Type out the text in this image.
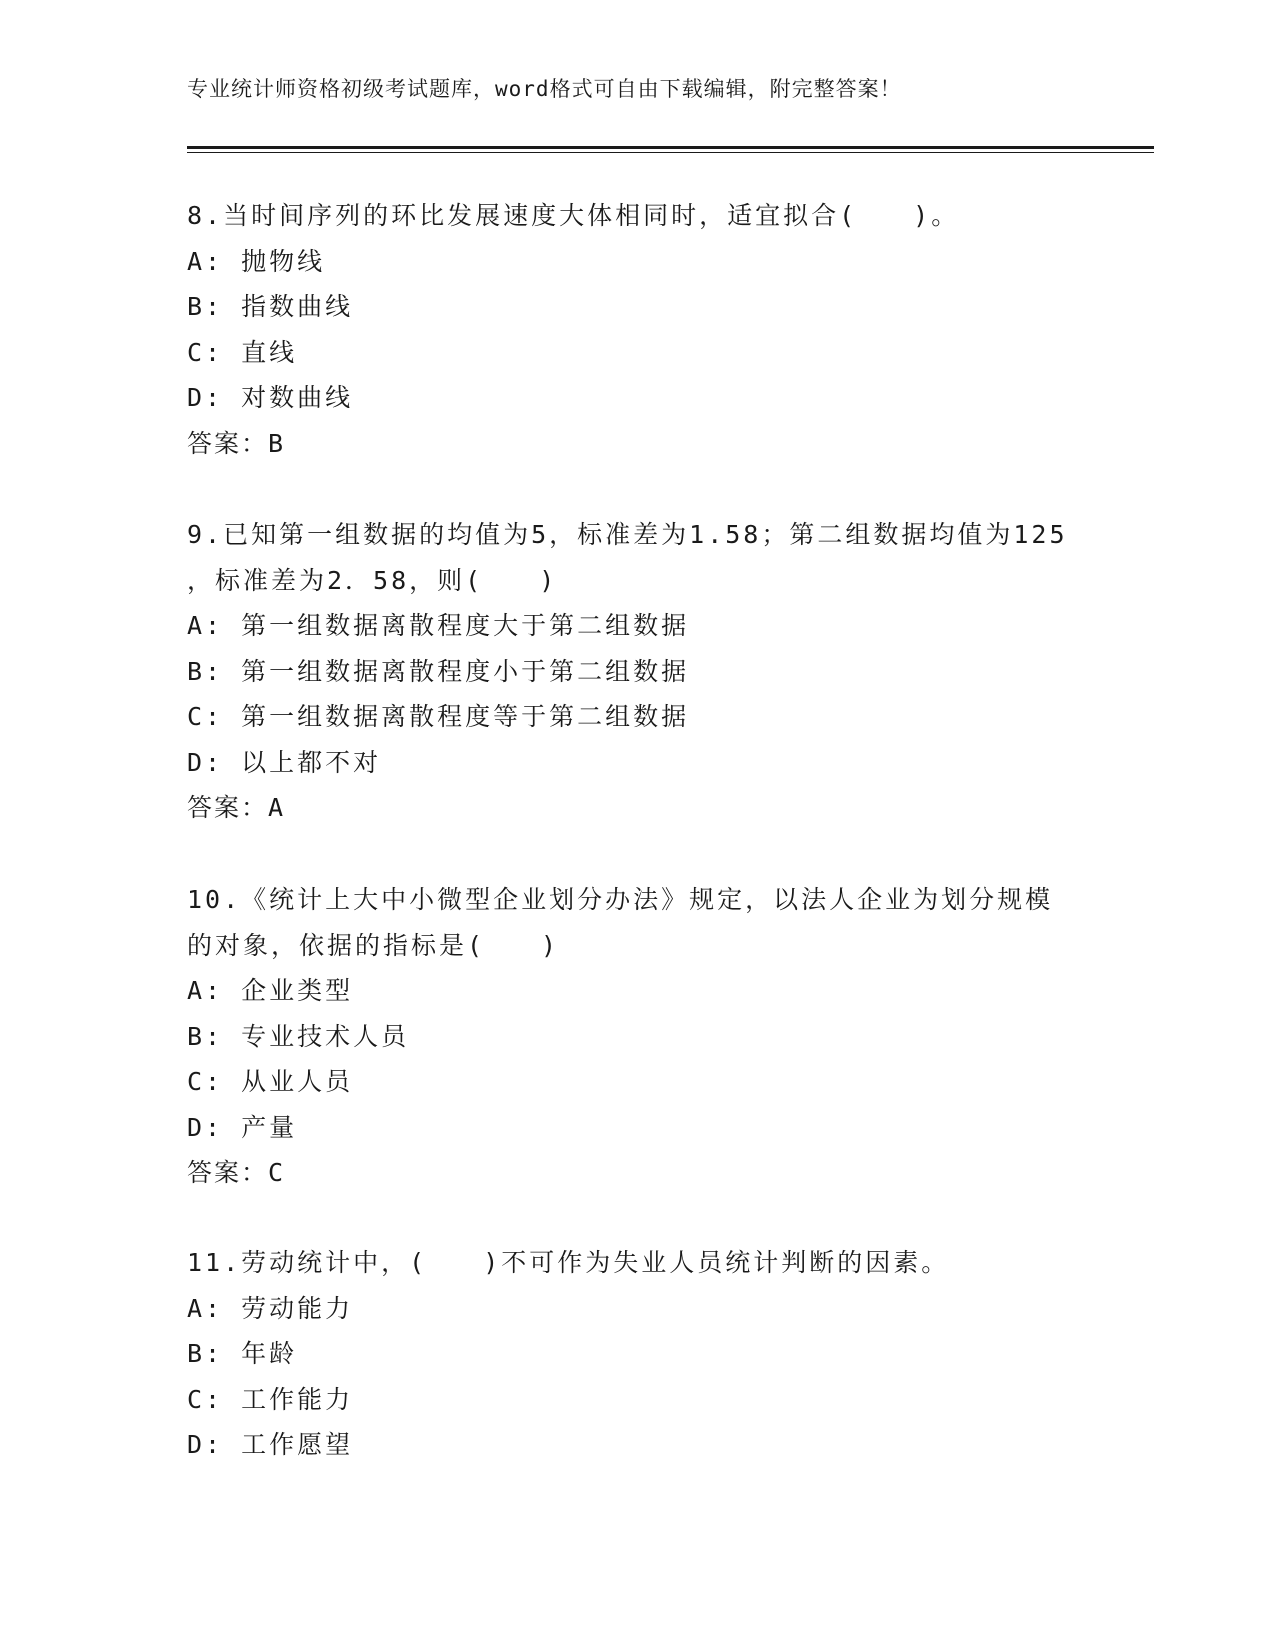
专业统计师资格初级考试题库，word格式可自由下载编辑，附完整答案！
8.当时间序列的环比发展速度大体相同时，适宜拟合(　　)。
A: 抛物线
B: 指数曲线
C: 直线
D: 对数曲线
答案：B
9.已知第一组数据的均值为5，标准差为1.58；第二组数据均值为125
，标准差为2．58，则(　　)
A: 第一组数据离散程度大于第二组数据
B: 第一组数据离散程度小于第二组数据
C: 第一组数据离散程度等于第二组数据
D: 以上都不对
答案：A
10.《统计上大中小微型企业划分办法》规定，以法人企业为划分规模
的对象，依据的指标是(　　)
A: 企业类型
B: 专业技术人员
C: 从业人员
D: 产量
答案：C
11.劳动统计中，(　　)不可作为失业人员统计判断的因素。
A: 劳动能力
B: 年龄
C: 工作能力
D: 工作愿望
